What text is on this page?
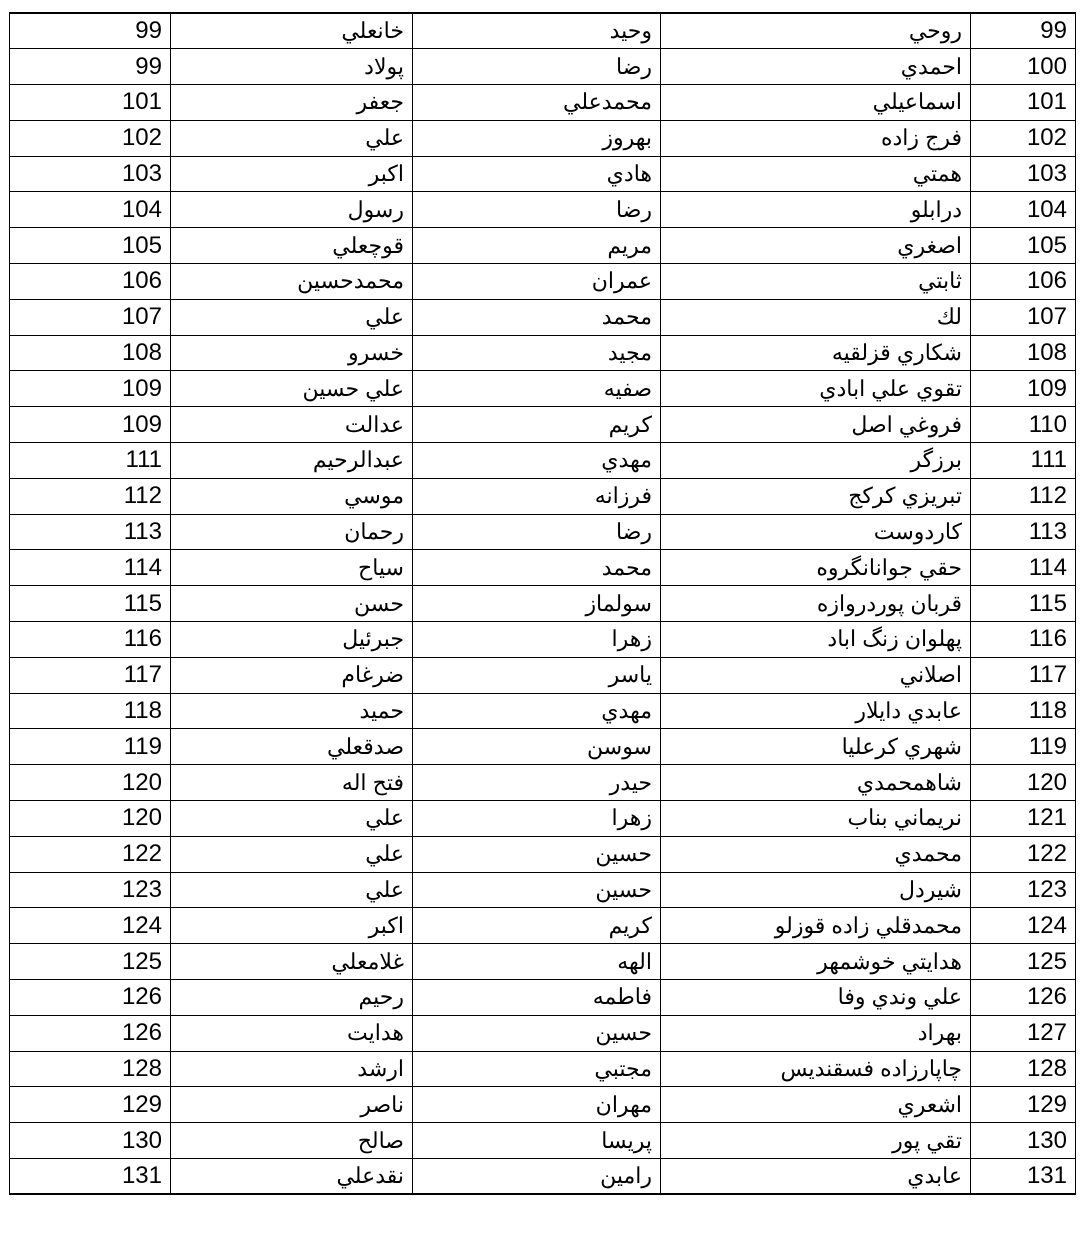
99	خانعلي	وحيد	روحي	99
99	پولاد	رضا	احمدي	100
101	جعفر	محمدعلي	اسماعيلي	101
102	علي	بهروز	فرج زاده	102
103	اكبر	هادي	همتي	103
104	رسول	رضا	درابلو	104
105	قوچعلي	مريم	اصغري	105
106	محمدحسين	عمران	ثابتي	106
107	علي	محمد	لك	107
108	خسرو	مجيد	شكاري قزلقيه	108
109	علي حسين	صفيه	تقوي علي ابادي	109
109	عدالت	كريم	فروغي اصل	110
111	عبدالرحيم	مهدي	برزگر	111
112	موسي	فرزانه	تبريزي كركج	112
113	رحمان	رضا	كاردوست	113
114	سياح	محمد	حقي جوانانگروه	114
115	حسن	سولماز	قربان پوردروازه	115
116	جبرئيل	زهرا	پهلوان زنگ اباد	116
117	ضرغام	ياسر	اصلاني	117
118	حميد	مهدي	عابدي دايلار	118
119	صدقعلي	سوسن	شهري كرعليا	119
120	فتح اله	حيدر	شاهمحمدي	120
120	علي	زهرا	نريماني بناب	121
122	علي	حسين	محمدي	122
123	علي	حسين	شيردل	123
124	اكبر	كريم	محمدقلي زاده قوزلو	124
125	غلامعلي	الهه	هدايتي خوشمهر	125
126	رحيم	فاطمه	علي وندي وفا	126
126	هدايت	حسين	بهراد	127
128	ارشد	مجتبي	چاپارزاده فسقنديس	128
129	ناصر	مهران	اشعري	129
130	صالح	پريسا	تقي پور	130
131	نقدعلي	رامين	عابدي	131
